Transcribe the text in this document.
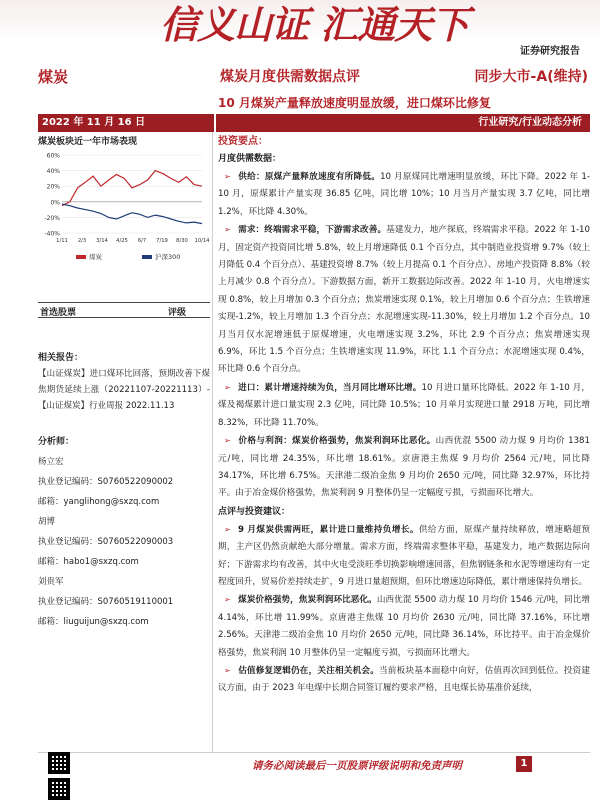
信义山证 汇通天下
证券研究报告
煤炭	煤炭月度供需数据点评	同步大市-A(维持)
10 月煤炭产量释放速度明显放缓，进口煤环比修复
2022 年 11 月 16 日	行业研究/行业动态分析
煤炭板块近一年市场表现
60%
40%
20%
0%
-20%
-40%
1/11 2/3 3/14 4/25 6/7 7/19 8/30 10/14
煤炭	沪深300
首选股票	评级
相关报告：
【山证煤炭】进口煤环比回落，预期改善下煤焦期货延续上涨（20221107-20221113）-【山证煤炭】行业周报 2022.11.13
分析师：
杨立宏
执业登记编码：S0760522090002
邮箱：yanglihong@sxzq.com
胡博
执业登记编码：S0760522090003
邮箱：habo1@sxzq.com
刘贵军
执业登记编码：S0760519110001
邮箱：liuguijun@sxzq.com
投资要点：
月度供需数据：

➢ 供给：原煤产量释放速度有所降低。10 月原煤同比增速明显放缓，环比下降。2022 年 1-10 月，原煤累计产量实现 36.85 亿吨，同比增 10%；10 月当月产量实现 3.7 亿吨，同比增 1.2%，环比降 4.30%。

➢ 需求：终端需求平稳，下游需求改善。基建发力，地产探底，终端需求平稳。2022 年 1-10 月，固定资产投资同比增 5.8%，较上月增速降低 0.1 个百分点，其中制造业投资增 9.7%（较上月降低 0.4 个百分点）、基建投资增 8.7%（较上月提高 0.1 个百分点）、房地产投资降 8.8%（较上月减少 0.8 个百分点）。下游数据方面，新开工数据边际改善。2022 年 1-10 月，火电增速实现 0.8%，较上月增加 0.3 个百分点；焦炭增速实现 0.1%，较上月增加 0.6 个百分点；生铁增速实现-1.2%，较上月增加 1.3 个百分点；水泥增速实现-11.30%，较上月增加 1.2 个百分点。10 月当月仅水泥增速低于原煤增速，火电增速实现 3.2%，环比 2.9 个百分点；焦炭增速实现 6.9%，环比 1.5 个百分点；生铁增速实现 11.9%，环比 1.1 个百分点；水泥增速实现 0.4%，环比降 0.6 个百分点。

➢ 进口：累计增速持续为负，当月同比增环比增。10 月进口量环比降低。2022 年 1-10 月，煤及褐煤累计进口量实现 2.3 亿吨，同比降 10.5%；10 月单月实现进口量 2918 万吨，同比增 8.32%，环比降 11.70%。

➢ 价格与利润：煤炭价格强势，焦炭利润环比恶化。山西优混 5500 动力煤 9 月均价 1381 元/吨，同比增 24.35%，环比增 18.61%。京唐港主焦煤 9 月均价 2564 元/吨，同比降 34.17%，环比增 6.75%。天津港二级冶金焦 9 月均价 2650 元/吨，同比降 32.97%，环比持平。由于冶金煤价格强势，焦炭利润 9 月整体仍呈一定幅度亏损，亏损面环比增大。

点评与投资建议：

➢ 9 月煤炭供需两旺，累计进口量维持负增长。供给方面，原煤产量持续释放，增速略超预期，主产区仍然贡献绝大部分增量。需求方面，终端需求整体平稳，基建发力，地产数据边际向好；下游需求均有改善，其中火电受淡旺季切换影响增速回落，但焦钢链条和水泥等增速均有一定程度回升，贸易价差持续走扩，9 月进口量超预期，但环比增速边际降低，累计增速保持负增长。

➢ 煤炭价格强势，焦炭利润环比恶化。山西优混 5500 动力煤 10 月均价 1546 元/吨，同比增 4.14%，环比增 11.99%。京唐港主焦煤 10 月均价 2630 元/吨，同比降 37.16%，环比增 2.56%。天津港二级冶金焦 10 月均价 2650 元/吨，同比降 36.14%，环比持平。由于冶金煤价格强势，焦炭利润 10 月整体仍呈一定幅度亏损，亏损面环比增大。

➢ 估值修复逻辑仍在，关注相关机会。当前板块基本面稳中向好，估值再次回到低位。投资建议方面，由于 2023 年电煤中长期合同签订履约要求严格，且电煤长协基准价延续，

请务必阅读最后一页股票评级说明和免责声明	1
